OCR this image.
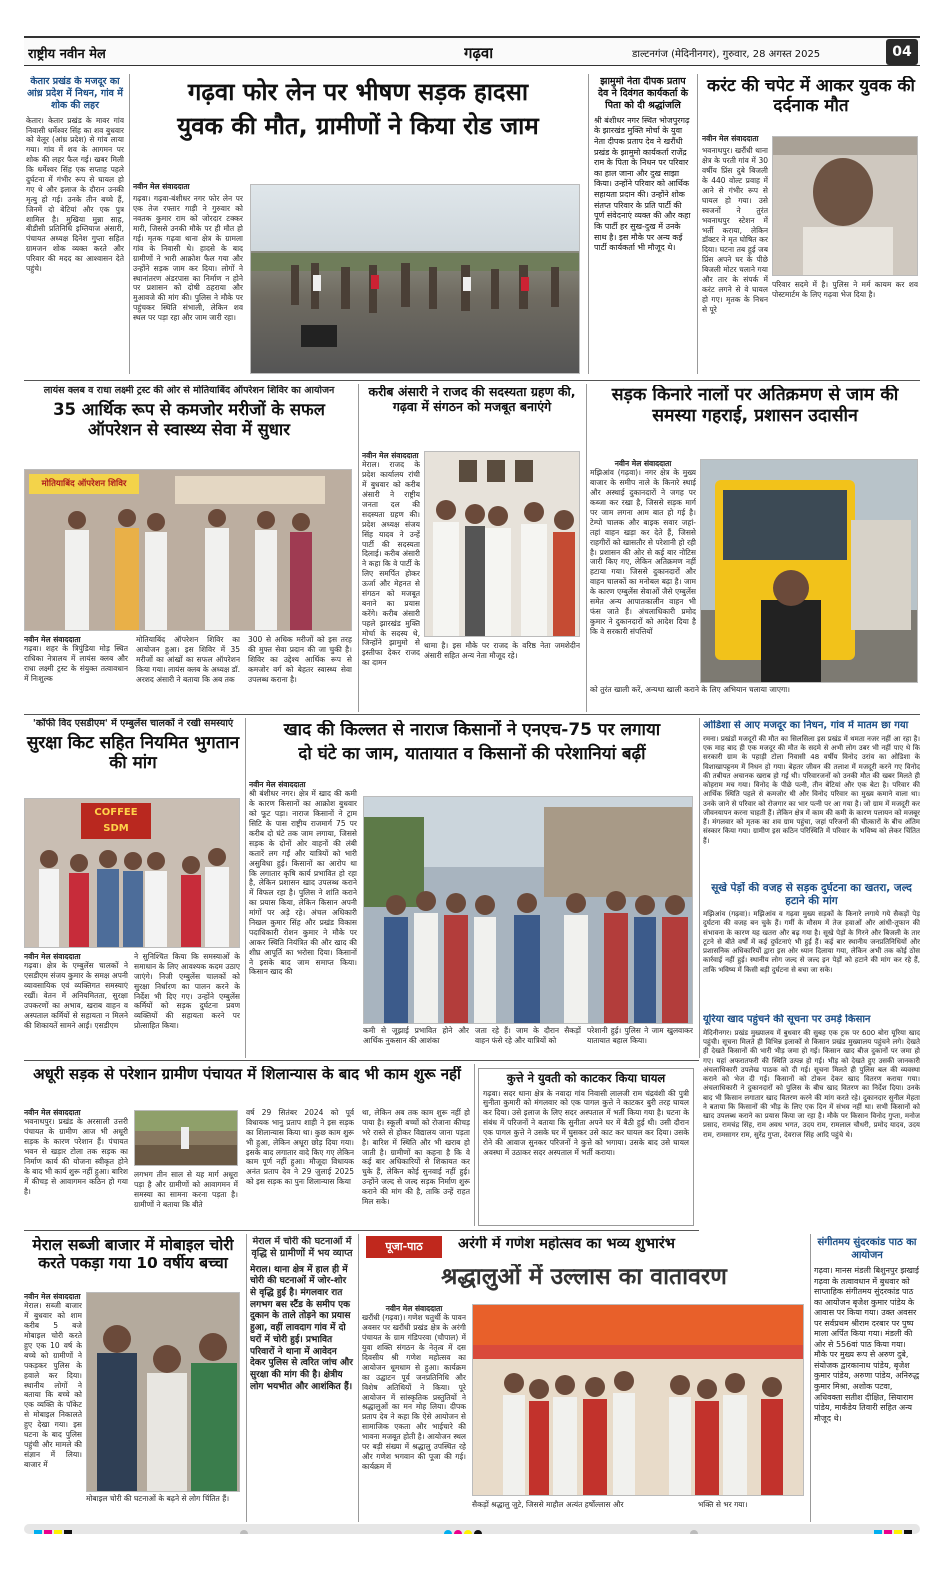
राष्ट्रीय नवीन मेल	गढ़वा	डाल्टनगंज (मेदिनीनगर), गुरुवार, 28 अगस्त 2025	04
केतार प्रखंड के मजदूर का आंध्र प्रदेश में निधन, गांव में शोक की लहर
केतार। केतार प्रखंड के मावर गांव निवासी धर्मेश्वर सिंह का शव बुधवार को वेलूर (आंध्र प्रदेश) से गांव लाया गया। गांव में शव के आगमन पर शोक की लहर फैल गई। खबर मिली कि धर्मेश्वर सिंह एक सप्ताह पहले दुर्घटना में गंभीर रूप से घायल हो गए थे और इलाज के दौरान उनकी मृत्यु हो गई। उनके तीन बच्चे हैं, जिनमें दो बेटियां और एक पुत्र शामिल है। मुखिया मुन्ना साह, बीडीसी प्रतिनिधि इम्तियाज अंसारी, पंचायत अध्यक्ष दिनेश गुप्ता सहित ग्रामजन शोक व्यक्त करते और परिवार की मदद का आश्वासन देते पहुंचे।
गढ़वा फोर लेन पर भीषण सड़क हादसा
युवक की मौत, ग्रामीणों ने किया रोड जाम
नवीन मेल संवाददाता
गढ़वा। गढ़वा-बंशीधर नगर फोर लेन पर एक तेज रफ्तार गाड़ी ने गुरुवार को नवतक कुमार राम को जोरदार टक्कर मारी, जिससे उनकी मौके पर ही मौत हो गई। मृतक गढ़वा थाना क्षेत्र के ग्रामला गांव के निवासी थे। हादसे के बाद ग्रामीणों ने भारी आक्रोश फैल गया और उन्होंने सड़क जाम कर दिया। लोगों ने स्थानांतरण अंडरपास का निर्माण न होने पर प्रशासन को दोषी ठहराया और मुआवजे की मांग की। पुलिस ने मौके पर पहुंचकर स्थिति संभाली, लेकिन शव स्थल पर पड़ा रहा और जाम जारी रहा।
झामुमो नेता दीपक प्रताप देव ने दिवंगत कार्यकर्ता के पिता को दी श्रद्धांजलि
श्री बंशीधर नगर स्थित भोजपुरगढ़ के झारखंड मुक्ति मोर्चा के युवा नेता दीपक प्रताप देव ने खरौंधी प्रखंड के झामुमो कार्यकर्ता राजेंद्र राम के पिता के निधन पर परिवार का हाल जाना और दुख साझा किया। उन्होंने परिवार को आर्थिक सहायता प्रदान की। उन्होंने शोक संतप्त परिवार के प्रति पार्टी की पूर्ण संवेदनाएं व्यक्त की और कहा कि पार्टी हर सुख-दुख में उनके साथ है। इस मौके पर अन्य कई पार्टी कार्यकर्ता भी मौजूद थे।
करंट की चपेट में आकर युवक की दर्दनाक मौत
नवीन मेल संवाददाता
भवनाथपुर। खरौंधी थाना क्षेत्र के परती गांव में 30 वर्षीय प्रिंस दुबे बिजली के 440 वोल्ट प्रवाह में आने से गंभीर रूप से घायल हो गया। उसे स्वजनों ने तुरंत भवनाथपुर स्टेशन में भर्ती कराया, लेकिन डॉक्टर ने मृत घोषित कर दिया। घटना तब हुई जब प्रिंस अपने घर के पीछे बिजली मोटर चलाने गया और तार के संपर्क में करंट लगने से वे घायल हो गए। मृतक के निधन से पूरे
परिवार सदमे में है। पुलिस ने मर्म कायम कर शव पोस्टमार्टम के लिए गढ़वा भेज दिया है।
लायंस क्लब व राधा लक्ष्मी ट्रस्ट की ओर से मोतियाबिंद ऑपरेशन शिविर का आयोजन
35 आर्थिक रूप से कमजोर मरीजों के सफल ऑपरेशन से स्वास्थ्य सेवा में सुधार
मोतियाबिंद ऑपरेशन शिविर
नवीन मेल संवाददाता
गढ़वा। शहर के त्रिपुंडिया मोड़ स्थित राधिका नेत्रालय में लायंस क्लब और राधा लक्ष्मी ट्रस्ट के संयुक्त तत्वावधान में निःशुल्क
मोतियाबिंद ऑपरेशन शिविर का आयोजन हुआ। इस शिविर में 35 मरीजों का आंखों का सफल ऑपरेशन किया गया। लायंस क्लब के अध्यक्ष डॉ. अरशद अंसारी ने बताया कि अब तक
300 से अधिक मरीजों को इस तरह की मुफ्त सेवा प्रदान की जा चुकी है। शिविर का उद्देश्य आर्थिक रूप से कमजोर वर्ग को बेहतर स्वास्थ्य सेवा उपलब्ध कराना है।
करीब अंसारी ने राजद की सदस्यता ग्रहण की, गढ़वा में संगठन को मजबूत बनाएंगे
नवीन मेल संवाददाता
मेराल। राजद के प्रदेश कार्यालय रांची में बुधवार को करीब अंसारी ने राष्ट्रीय जनता दल की सदस्यता ग्रहण की। प्रदेश अध्यक्ष संजय सिंह यादव ने उन्हें पार्टी की सदस्यता दिलाई। करीब अंसारी ने कहा कि वे पार्टी के लिए समर्पित होकर ऊर्जा और मेहनत से संगठन को मजबूत बनाने का प्रयास करेंगे। करीब अंसारी पहले झारखंड मुक्ति मोर्चा के सदस्य थे, जिन्होंने झामुमो से इस्तीफा देकर राजद का दामन
थामा है। इस मौके पर राजद के वरिष्ठ नेता जमशेदीन अंसारी सहित अन्य नेता मौजूद रहे।
सड़क किनारे नालों पर अतिक्रमण से जाम की समस्या गहराई, प्रशासन उदासीन
नवीन मेल संवाददाता
मझिआंव (गढ़वा)। नगर क्षेत्र के मुख्य बाजार के समीप नाले के किनारे स्थाई और अस्थाई दुकानदारों ने जगह पर कब्जा कर रखा है, जिससे सड़क मार्ग पर जाम लगना आम बात हो गई है। टेम्पो चालक और बाइक सवार जहां-तहां वाहन खड़ा कर देते हैं, जिससे राहगीरों को खासतौर से परेशानी हो रही है। प्रशासन की ओर से कई बार नोटिस जारी किए गए, लेकिन अतिक्रमण नहीं हटाया गया। जिससे दुकानदारों और वाहन चालकों का मनोबल बढ़ा है। जाम के कारण एम्बुलेंस सेवाओं जैसे एम्बुलेंस समेत अन्य आपातकालीन वाहन भी फंस जाते हैं। अंचलाधिकारी प्रमोद कुमार ने दुकानदारों को आदेश दिया है कि वे सरकारी संपत्तियों
को तुरंत खाली करें, अन्यथा खाली कराने के लिए अभियान चलाया जाएगा।
'कॉफी विद एसडीएम' में एम्बुलेंस चालकों ने रखी समस्याएं
सुरक्षा किट सहित नियमित भुगतान की मांग
COFFEE SDM
नवीन मेल संवाददाता
गढ़वा। क्षेत्र के एम्बुलेंस चालकों ने एसडीएम संजय कुमार के समक्ष अपनी व्यावसायिक एवं व्यक्तिगत समस्याएं रखीं। वेतन में अनियमितता, सुरक्षा उपकरणों का अभाव, खराब वाहन व अस्पताल कर्मियों से सहायता न मिलने की शिकायतें सामने आईं। एसडीएम
ने सुनिश्चित किया कि समस्याओं के समाधान के लिए आवश्यक कदम उठाए जाएंगे। निजी एम्बुलेंस चालकों को सुरक्षा निर्धारण का पालन करने के निर्देश भी दिए गए। उन्होंने एम्बुलेंस कर्मियों को सड़क दुर्घटना प्रवण व्यक्तियों की सहायता करने पर प्रोत्साहित किया।
खाद की किल्लत से नाराज किसानों ने एनएच-75 पर लगाया
दो घंटे का जाम, यातायात व किसानों की परेशानियां बढ़ीं
नवीन मेल संवाददाता
श्री बंशीधर नगर। क्षेत्र में खाद की कमी के कारण किसानों का आक्रोश बुधवार को फूट पड़ा। नाराज किसानों ने ट्राम सिटि के पास राष्ट्रीय राजमार्ग 75 पर करीब दो घंटे तक जाम लगाया, जिससे सड़क के दोनों ओर वाहनों की लंबी कतारें लग गईं और यात्रियों को भारी असुविधा हुई। किसानों का आरोप था कि लगातार कृषि कार्य प्रभावित हो रहा है, लेकिन प्रशासन खाद उपलब्ध कराने में विफल रहा है। पुलिस ने शांति कराने का प्रयास किया, लेकिन किसान अपनी मांगों पर अड़े रहे। अंचल अधिकारी निखल कुमार सिंह और प्रखंड विकास पदाधिकारी रोशन कुमार ने मौके पर आकर स्थिति नियंत्रित की और खाद की शीघ्र आपूर्ति का भरोसा दिया। किसानों ने इसके बाद जाम समाप्त किया। किसान खाद की
कमी से जूझाई प्रभावित होने और आर्थिक नुकसान की आशंका
जता रहे हैं। जाम के दौरान सैकड़ों वाहन फंसे रहे और यात्रियों को
परेशानी हुई। पुलिस ने जाम खुलवाकर यातायात बहाल किया।
ओडिशा से आए मजदूर का निधन, गांव में मातम छा गया
रमना। प्रखंडों मजदूरों की मौत का सिलसिला इस प्रखंड में थमता नजर नहीं आ रहा है। एक माह बाद ही एक मजदूर की मौत के सदमे से अभी लोग उबर भी नहीं पाए थे कि सरकारी ग्राम के पहाड़ी टोला निवासी 48 वर्षीय विनोद उरांव का ओडिशा के विशाखापट्टनम में निधन हो गया। बेहतर जीवन की तलाश में मजदूरी करने गए विनोद की तबीयत अचानक खराब हो गई थी। परिवारजनों को उनकी मौत की खबर मिलते ही कोहराम मच गया। विनोद के पीछे पत्नी, तीन बेटियां और एक बेटा है। परिवार की आर्थिक स्थिति पहले से कमजोर थी और विनोद परिवार का मुख्य कमाने वाला था। उनके जाने से परिवार को रोजगार का भार पत्नी पर आ गया है। जो ग्राम में मजदूरी कर जीवनयापन करना चाहती हैं। लेकिन क्षेत्र में काम की कमी के कारण पलायन को मजबूर हैं। मंगलवार को मृतक का शव ग्राम पहुंचा, जहां परिजनों की चीत्कारों के बीच अंतिम संस्कार किया गया। ग्रामीण इस कठिन परिस्थिति में परिवार के भविष्य को लेकर चिंतित हैं।
सूखे पेड़ों की वजह से सड़क दुर्घटना का खतरा, जल्द हटाने की मांग
मझिआंव (गढ़वा)। मझिआंव व गढ़वा मुख्य सड़कों के किनारे लगाये गये सैकड़ों पेड़ दुर्घटना की वजह बन चुके हैं। गर्मी के मौसम में तेज हवाओं और आंधी-तूफान की संभावना के कारण यह खतरा और बढ़ गया है। सूखे पेड़ों के गिरने और बिजली के तार टूटने से बीते वर्षों में कई दुर्घटनाएं भी हुई हैं। कई बार स्थानीय जनप्रतिनिधियों और प्रशासनिक अधिकारियों द्वारा इस ओर ध्यान दिलाया गया, लेकिन अभी तक कोई ठोस कार्रवाई नहीं हुई। स्थानीय लोग जल्द से जल्द इन पेड़ों को हटाने की मांग कर रहे हैं, ताकि भविष्य में किसी बड़ी दुर्घटना से बचा जा सके।
यूरिया खाद पहुंचने की सूचना पर उमड़े किसान
मेदिनीनगर। प्रखंड मुख्यालय में बुधवार की सुबह एक ट्रक पर 600 बोरा यूरिया खाद पहुंची। सूचना मिलते ही विभिन्न इलाकों से किसान प्रखंड मुख्यालय पहुंचने लगे। देखते ही देखते किसानों की भारी भीड़ जमा हो गई। किसान खाद बीज दुकानों पर जमा हो गए। यहां अफरातफरी की स्थिति उत्पन्न हो गई। भीड़ को देखते हुए उसकी जानकारी अंचलाधिकारी उपलेख पाठक को दी गई। सूचना मिलते ही पुलिस बल की व्यवस्था कराने को भेज दी गई। किसानों को टोकन देकर खाद वितरण कराया गया। अंचलाधिकारी ने दुकानदारों को पुलिस के बीच खाद वितरण का निर्देश दिया। उनके बाद भी किसान लगातार खाद वितरण करने की मांग करते रहे। दुकानदार सुनील मेहता ने बताया कि किसानों की भीड़ के लिए एक दिन में संभव नहीं था। सभी किसानों को खाद उपलब्ध कराने का प्रयास किया जा रहा है। मौके पर किसान विनोद गुप्ता, मनोज प्रसाद, रामचंद्र सिंह, राम अवध भगत, उदय राम, रामलाल चौधरी, प्रमोद यादव, उदय राम, रामसागर राम, सुरेंद्र गुप्ता, देवराज सिंह आदि पहुंचे थे।
अधूरी सड़क से परेशान ग्रामीण पंचायत में शिलान्यास के बाद भी काम शुरू नहीं
नवीन मेल संवाददाता
भवनाथपुर। प्रखंड के अरसाली उत्तरी पंचायत के ग्रामीण आज भी अधूरी सड़क के कारण परेशान हैं। पंचायत भवन से खड़ार टोला तक सड़क का निर्माण कार्य की योजना स्वीकृत होने के बाद भी कार्य शुरू नहीं हुआ। बारिश में कीचड़ से आवागमन कठिन हो गया है।
लगभग तीन साल से यह मार्ग अधूरा पड़ा है और ग्रामीणों को आवागमन में समस्या का सामना करना पड़ता है। ग्रामीणों ने बताया कि बीते
वर्ष 29 सितंबर 2024 को पूर्व विधायक भानु प्रताप शाही ने इस सड़क का शिलान्यास किया था। कुछ काम शुरू भी हुआ, लेकिन अधूरा छोड़ दिया गया। इसके बाद लगातार वादे किए गए लेकिन काम पूर्ण नहीं हुआ। मौजूदा विधायक अनंत प्रताप देव ने 29 जुलाई 2025 को इस सड़क का पुनः शिलान्यास किया
था, लेकिन अब तक काम शुरू नहीं हो पाया है। स्कूली बच्चों को रोजाना कीचड़ भरे रास्ते से होकर विद्यालय जाना पड़ता है। बारिश में स्थिति और भी खराब हो जाती है। ग्रामीणों का कहना है कि वे कई बार अधिकारियों से शिकायत कर चुके हैं, लेकिन कोई सुनवाई नहीं हुई। उन्होंने जल्द से जल्द सड़क निर्माण शुरू कराने की मांग की है, ताकि उन्हें राहत मिल सके।
कुत्ते ने युवती को काटकर किया घायल
गढ़वा। सदर थाना क्षेत्र के नवादा गांव निवासी लालजी राम चंद्रवंशी की पुत्री सुनीता कुमारी को मंगलवार को एक पागल कुत्ते ने काटकर बुरी तरह घायल कर दिया। उसे इलाज के लिए सदर अस्पताल में भर्ती किया गया है। घटना के संबंध में परिजनों ने बताया कि सुनीता अपने घर में बैठी हुई थी। उसी दौरान एक पागल कुत्ते ने उसके घर में घुसकर उसे काट कर घायल कर दिया। उसके रोने की आवाज सुनकर परिजनों ने कुत्ते को भगाया। उसके बाद उसे घायल अवस्था में उठाकर सदर अस्पताल में भर्ती कराया।
मेराल सब्जी बाजार में मोबाइल चोरी करते पकड़ा गया 10 वर्षीय बच्चा
नवीन मेल संवाददाता
मेराल। सब्जी बाजार में बुधवार को शाम करीब 5 बजे मोबाइल चोरी करते हुए एक 10 वर्ष के बच्चे को ग्रामीणों ने पकड़कर पुलिस के हवाले कर दिया। स्थानीय लोगों ने बताया कि बच्चे को एक व्यक्ति के पॉकेट से मोबाइल निकालते हुए देखा गया। इस घटना के बाद पुलिस पहुंची और मामले की संज्ञान में लिया। बाजार में
मोबाइल चोरी की घटनाओं के बढ़ने से लोग चिंतित हैं।
मेराल में चोरी की घटनाओं में वृद्धि से ग्रामीणों में भय व्याप्त
मेराल। थाना क्षेत्र में हाल ही में चोरी की घटनाओं में जोर-शोर से वृद्धि हुई है। मंगलवार रात लगभग बस स्टैंड के समीप एक दुकान के ताले तोड़ने का प्रयास हुआ, वहीं लावदाग गांव में दो घरों में चोरी हुई। प्रभावित परिवारों ने थाना में आवेदन देकर पुलिस से त्वरित जांच और सुरक्षा की मांग की है। क्षेत्रीय लोग भयभीत और आशंकित हैं।
पूजा-पाठ	अरंगी में गणेश महोत्सव का भव्य शुभारंभ
श्रद्धालुओं में उल्लास का वातावरण
नवीन मेल संवाददाता
खरौंधी (गढ़वा)। गणेश चतुर्थी के पावन अवसर पर खरौंधी प्रखंड क्षेत्र के अरंगी पंचायत के ग्राम गंडिपरवा (चौपाल) में युवा शक्ति संगठन के नेतृत्व में दस दिवसीय श्री गणेश महोत्सव का आयोजन धूमधाम से हुआ। कार्यक्रम का उद्घाटन पूर्व जनप्रतिनिधि और विशेष अतिथियों ने किया। पूरे आयोजन में सांस्कृतिक प्रस्तुतियों ने श्रद्धालुओं का मन मोह लिया। दीपक प्रताप देव ने कहा कि ऐसे आयोजन से सामाजिक एकता और भाईचारे की भावना मजबूत होती है। आयोजन स्थल पर बड़ी संख्या में श्रद्धालु उपस्थित रहे और गणेश भगवान की पूजा की गई। कार्यक्रम में
सैकड़ों श्रद्धालु जुटे, जिससे माहौल अत्यंत हर्षोल्लास और	भक्ति से भर गया।
संगीतमय सुंदरकांड पाठ का आयोजन
गढ़वा। मानस मंडली बिशुनपुर झखाई गढ़वा के तत्वावधान में बुधवार को साप्ताहिक संगीतमय सुंदरकांड पाठ का आयोजन बृजेश कुमार पांडेय के आवास पर किया गया। उक्त अवसर पर सर्वप्रथम श्रीराम दरबार पर पुष्प माला अर्पित किया गया। मंडली की ओर से 556वां पाठ किया गया। मौके पर मुख्य रूप से अरुण दुबे, संयोजक द्वारकानाथ पांडेय, बृजेश कुमार पांडेय, अरुणा पांडेय, अनिरुद्ध कुमार मिश्रा, अशोक पटवा, अधिवक्ता सतीश दीक्षित, सियाराम पांडेय, मार्कंडेय तिवारी सहित अन्य मौजूद थे।
